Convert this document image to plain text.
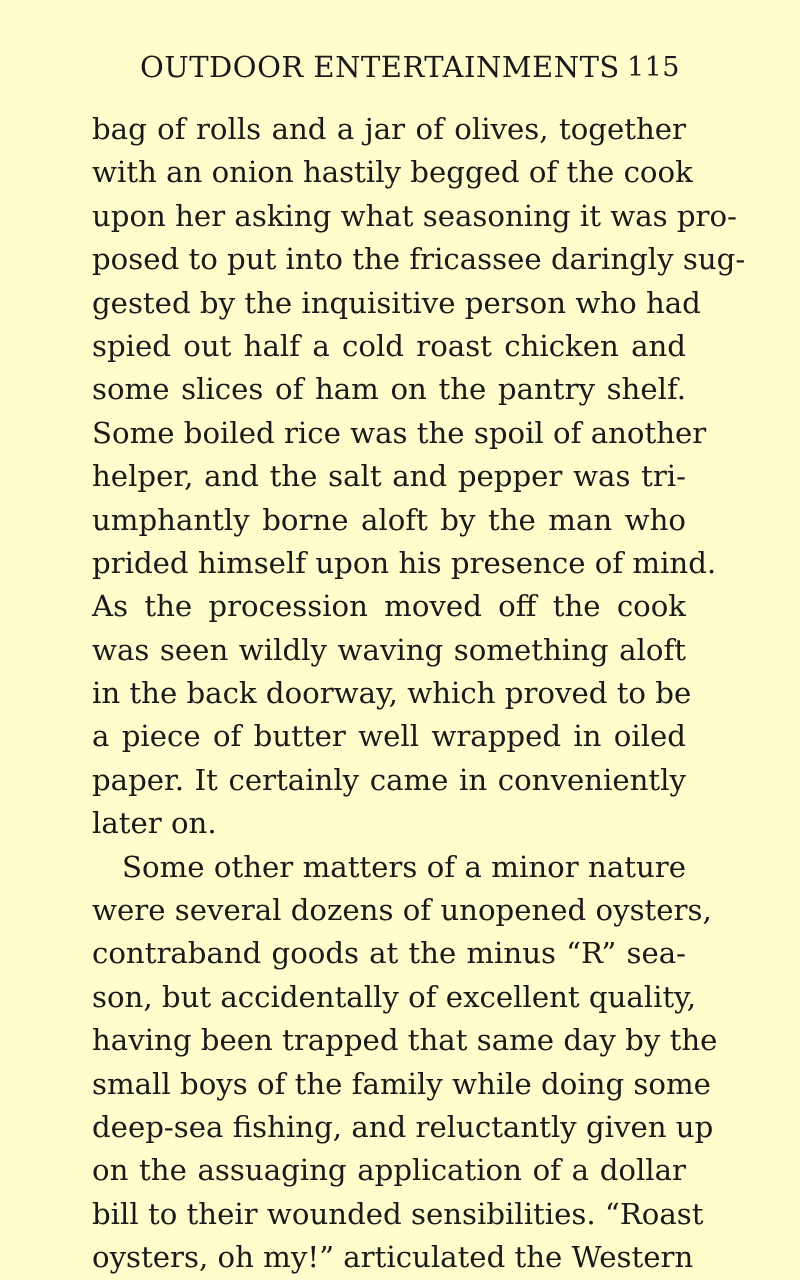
OUTDOOR ENTERTAINMENTS 115
bag of rolls and a jar of olives, together
with an onion hastily begged of the cook
upon her asking what seasoning it was pro-
posed to put into the fricassee daringly sug-
gested by the inquisitive person who had
spied out half a cold roast chicken and
some slices of ham on the pantry shelf.
Some boiled rice was the spoil of another
helper, and the salt and pepper was tri-
umphantly borne aloft by the man who
prided himself upon his presence of mind.
As the procession moved off the cook
was seen wildly waving something aloft
in the back doorway, which proved to be
a piece of butter well wrapped in oiled
paper. It certainly came in conveniently
later on.
Some other matters of a minor nature
were several dozens of unopened oysters,
contraband goods at the minus “R” sea-
son, but accidentally of excellent quality,
having been trapped that same day by the
small boys of the family while doing some
deep-sea fishing, and reluctantly given up
on the assuaging application of a dollar
bill to their wounded sensibilities. “Roast
oysters, oh my!” articulated the Western
